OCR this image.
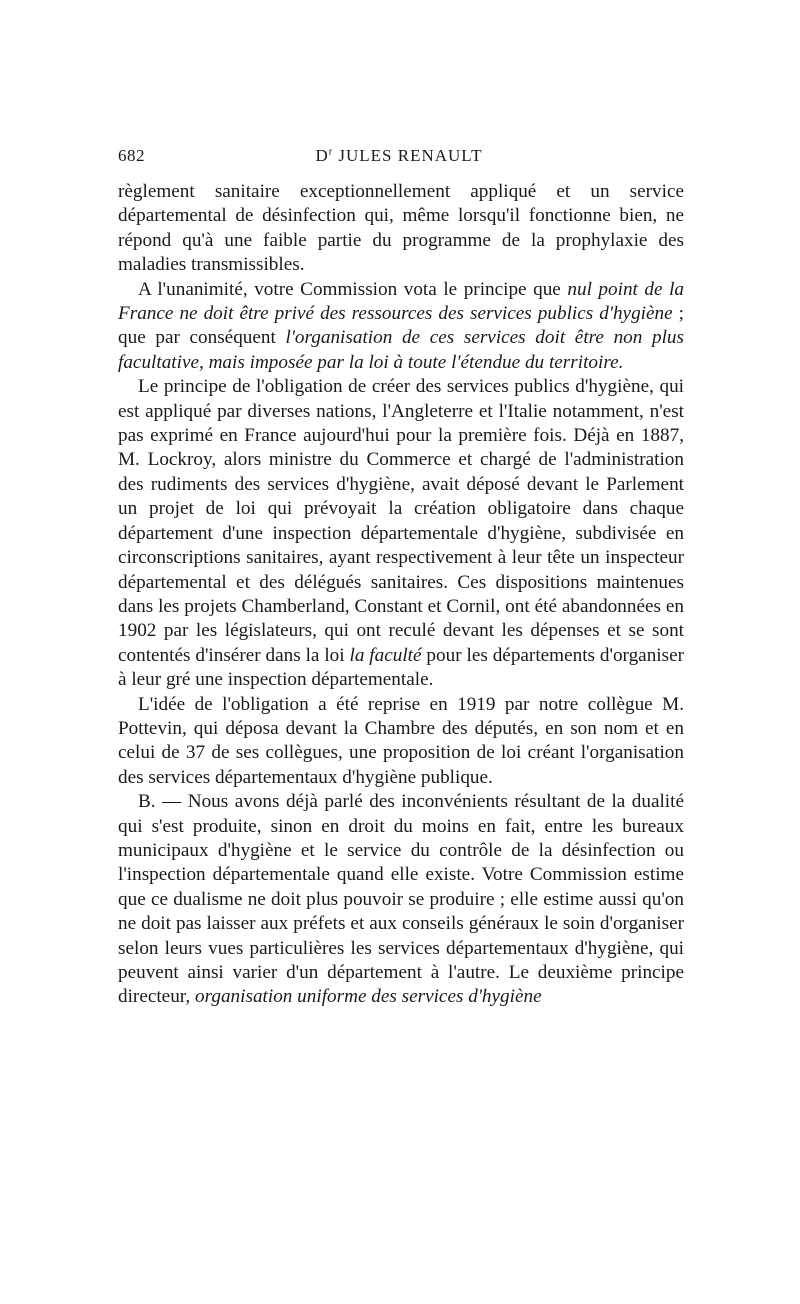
682	$D^r$ JULES RENAULT

règlement sanitaire exceptionnellement appliqué et un service départemental de désinfection qui, même lorsqu'il fonctionne bien, ne répond qu'à une faible partie du programme de la prophylaxie des maladies transmissibles.

A l'unanimité, votre Commission vota le principe que nul point de la France ne doit être privé des ressources des services publics d'hygiène ; que par conséquent l'organisation de ces services doit être non plus facultative, mais imposée par la loi à toute l'étendue du territoire.

Le principe de l'obligation de créer des services publics d'hygiène, qui est appliqué par diverses nations, l'Angleterre et l'Italie notamment, n'est pas exprimé en France aujourd'hui pour la première fois. Déjà en 1887, M. Lockroy, alors ministre du Commerce et chargé de l'administration des rudiments des services d'hygiène, avait déposé devant le Parlement un projet de loi qui prévoyait la création obligatoire dans chaque département d'une inspection départementale d'hygiène, subdivisée en circonscriptions sanitaires, ayant respectivement à leur tête un inspecteur départemental et des délégués sanitaires. Ces dispositions maintenues dans les projets Chamberland, Constant et Cornil, ont été abandonnées en 1902 par les législateurs, qui ont reculé devant les dépenses et se sont contentés d'insérer dans la loi la faculté pour les départements d'organiser à leur gré une inspection départementale.

L'idée de l'obligation a été reprise en 1919 par notre collègue M. Pottevin, qui déposa devant la Chambre des députés, en son nom et en celui de 37 de ses collègues, une proposition de loi créant l'organisation des services départementaux d'hygiène publique.

B. — Nous avons déjà parlé des inconvénients résultant de la dualité qui s'est produite, sinon en droit du moins en fait, entre les bureaux municipaux d'hygiène et le service du contrôle de la désinfection ou l'inspection départementale quand elle existe. Votre Commission estime que ce dualisme ne doit plus pouvoir se produire ; elle estime aussi qu'on ne doit pas laisser aux préfets et aux conseils généraux le soin d'organiser selon leurs vues particulières les services départementaux d'hygiène, qui peuvent ainsi varier d'un département à l'autre. Le deuxième principe directeur, organisation uniforme des services d'hygiène
